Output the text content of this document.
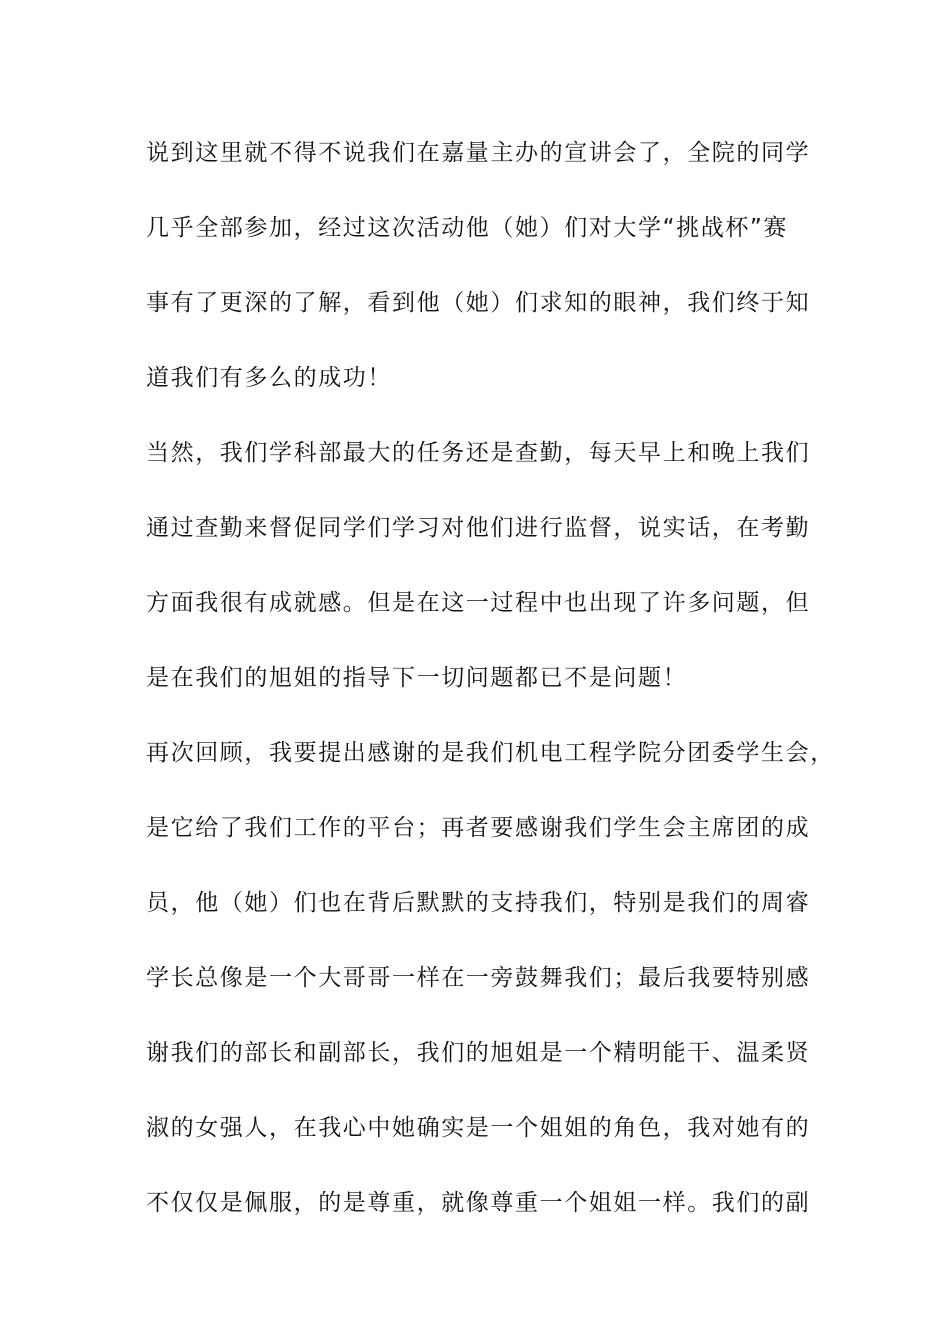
说到这里就不得不说我们在嘉量主办的宣讲会了，全院的同学
几乎全部参加，经过这次活动他（她）们对大学“挑战杯”赛
事有了更深的了解，看到他（她）们求知的眼神，我们终于知
道我们有多么的成功！
当然，我们学科部最大的任务还是查勤，每天早上和晚上我们
通过查勤来督促同学们学习对他们进行监督，说实话，在考勤
方面我很有成就感。但是在这一过程中也出现了许多问题，但
是在我们的旭姐的指导下一切问题都已不是问题！
再次回顾，我要提出感谢的是我们机电工程学院分团委学生会，
是它给了我们工作的平台；再者要感谢我们学生会主席团的成
员，他（她）们也在背后默默的支持我们，特别是我们的周睿
学长总像是一个大哥哥一样在一旁鼓舞我们；最后我要特别感
谢我们的部长和副部长，我们的旭姐是一个精明能干、温柔贤
淑的女强人，在我心中她确实是一个姐姐的角色，我对她有的
不仅仅是佩服，的是尊重，就像尊重一个姐姐一样。我们的副
